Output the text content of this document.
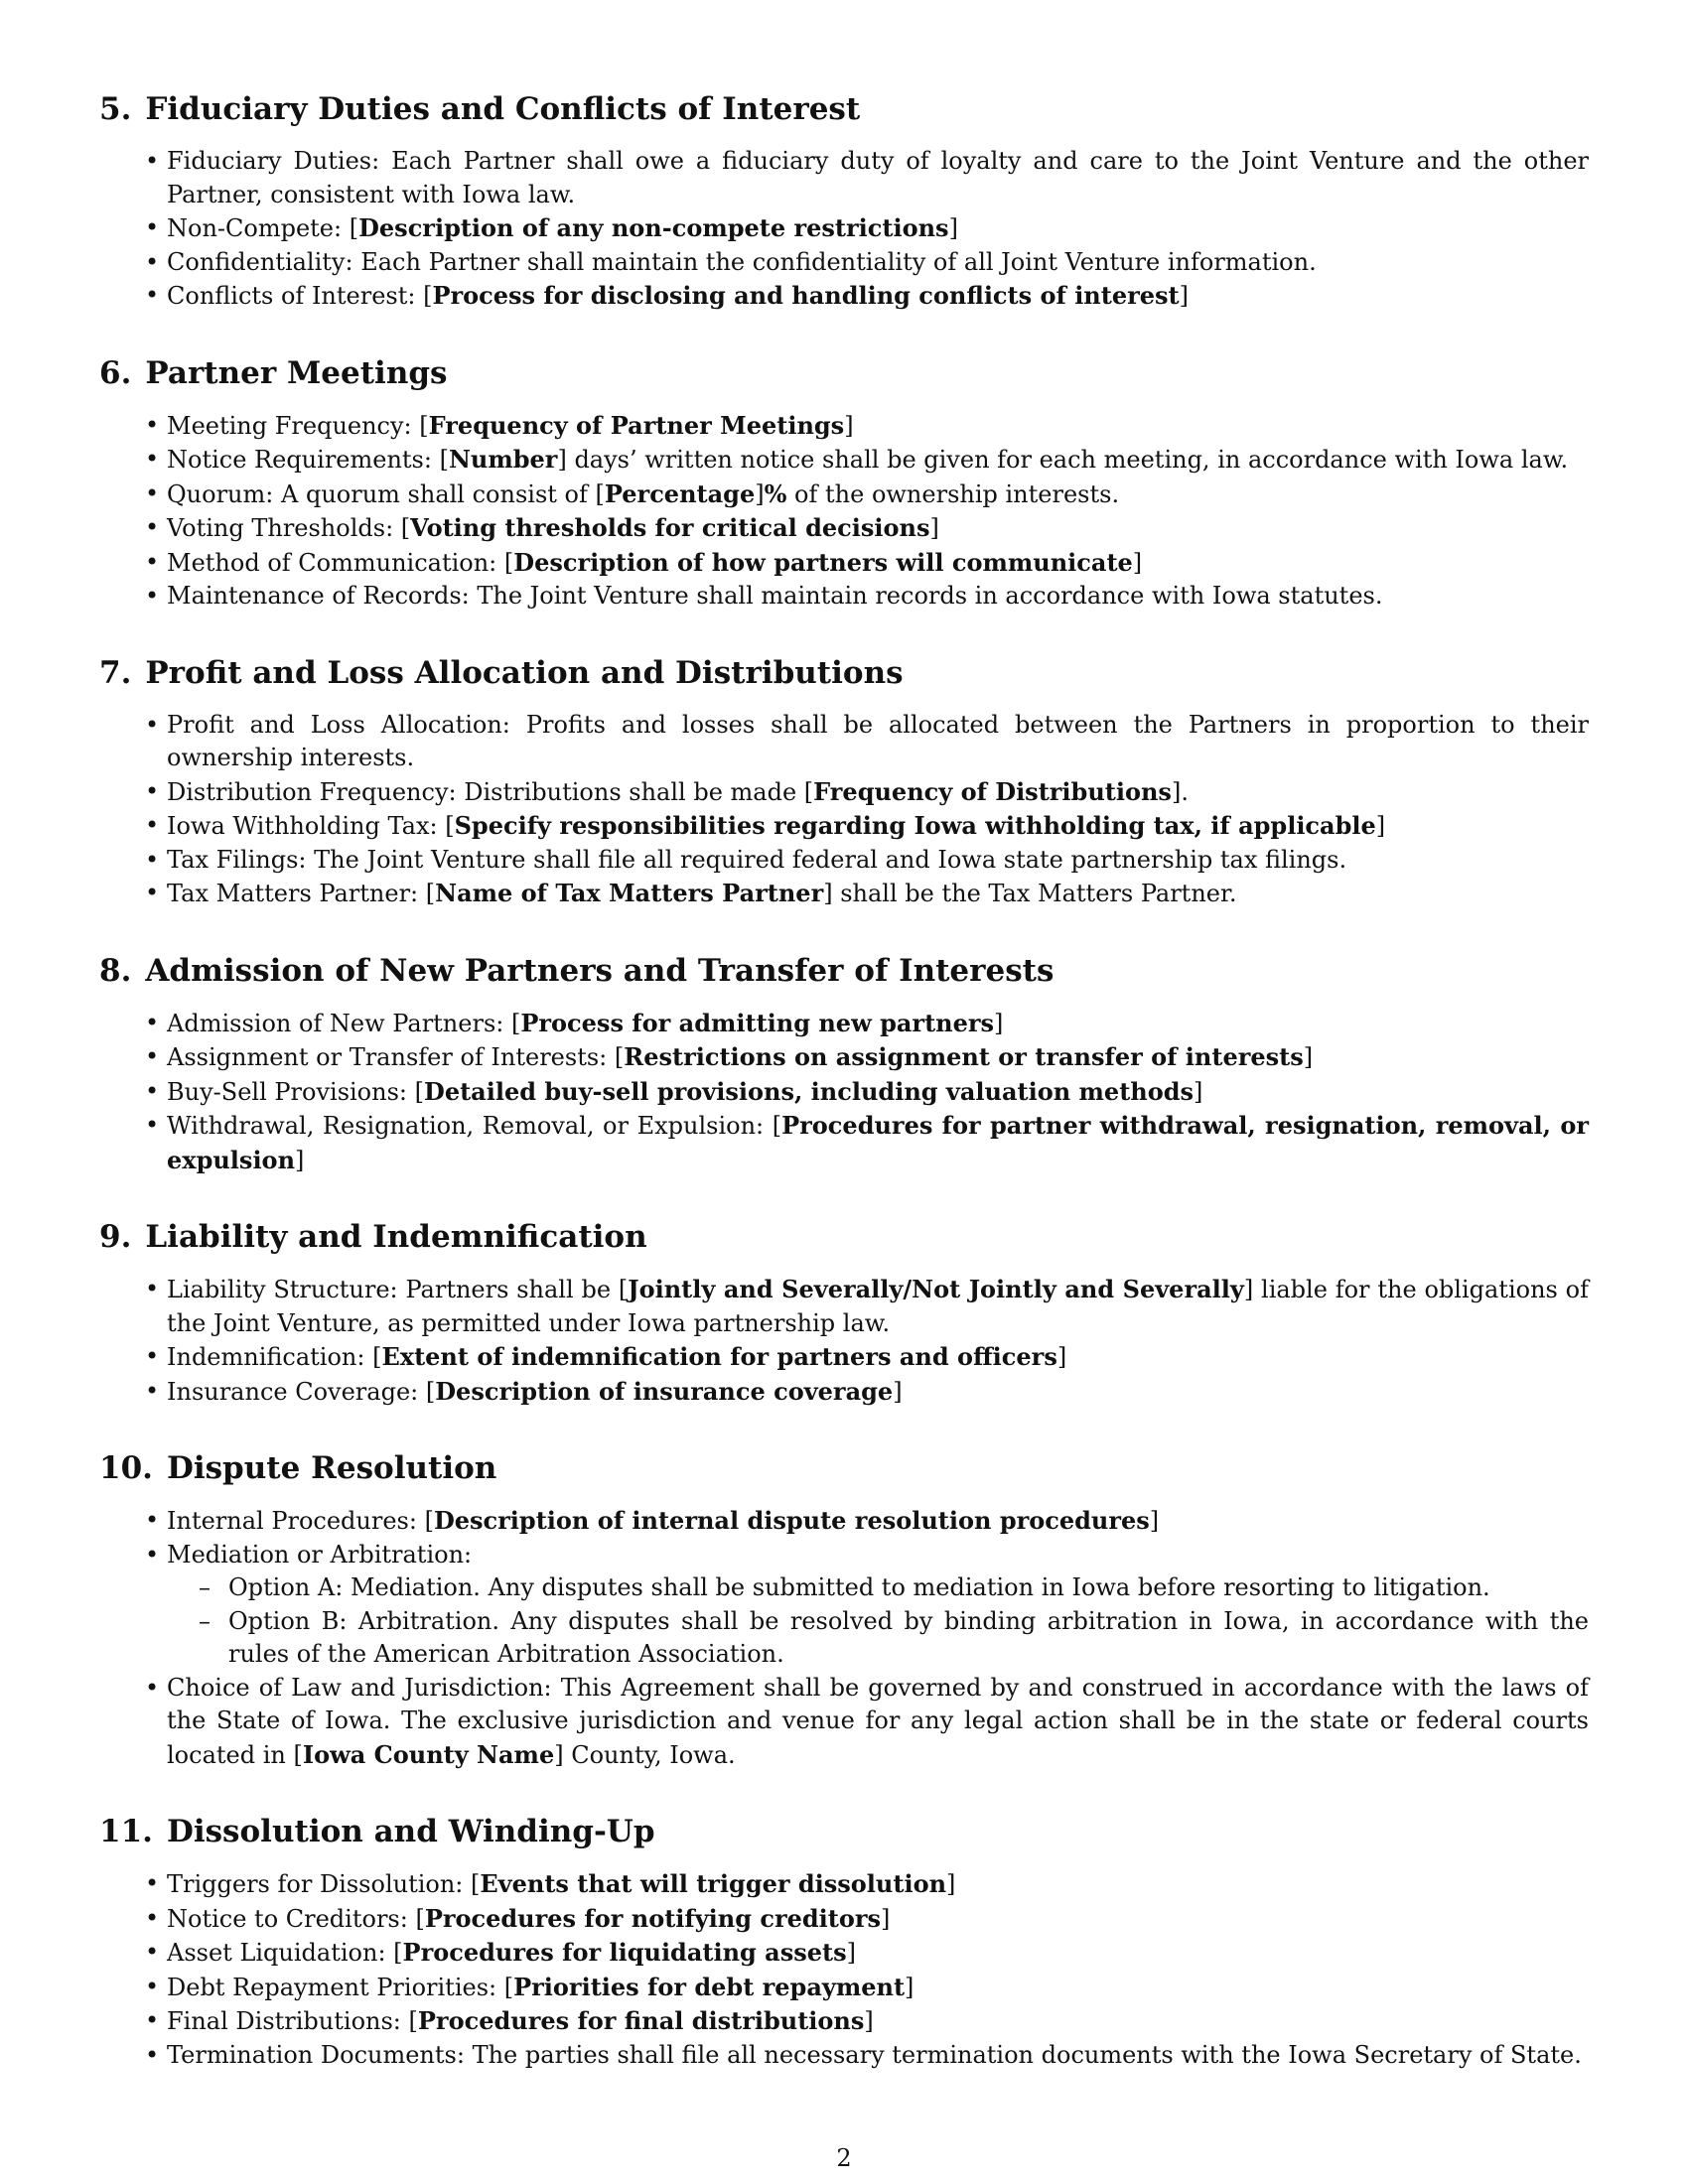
5. Fiduciary Duties and Conflicts of Interest
• Fiduciary Duties: Each Partner shall owe a fiduciary duty of loyalty and care to the Joint Venture and the other Partner, consistent with Iowa law.
• Non-Compete: [Description of any non-compete restrictions]
• Confidentiality: Each Partner shall maintain the confidentiality of all Joint Venture information.
• Conflicts of Interest: [Process for disclosing and handling conflicts of interest]
6. Partner Meetings
• Meeting Frequency: [Frequency of Partner Meetings]
• Notice Requirements: [Number] days’ written notice shall be given for each meeting, in accordance with Iowa law.
• Quorum: A quorum shall consist of [Percentage]% of the ownership interests.
• Voting Thresholds: [Voting thresholds for critical decisions]
• Method of Communication: [Description of how partners will communicate]
• Maintenance of Records: The Joint Venture shall maintain records in accordance with Iowa statutes.
7. Profit and Loss Allocation and Distributions
• Profit and Loss Allocation: Profits and losses shall be allocated between the Partners in proportion to their ownership interests.
• Distribution Frequency: Distributions shall be made [Frequency of Distributions].
• Iowa Withholding Tax: [Specify responsibilities regarding Iowa withholding tax, if applicable]
• Tax Filings: The Joint Venture shall file all required federal and Iowa state partnership tax filings.
• Tax Matters Partner: [Name of Tax Matters Partner] shall be the Tax Matters Partner.
8. Admission of New Partners and Transfer of Interests
• Admission of New Partners: [Process for admitting new partners]
• Assignment or Transfer of Interests: [Restrictions on assignment or transfer of interests]
• Buy-Sell Provisions: [Detailed buy-sell provisions, including valuation methods]
• Withdrawal, Resignation, Removal, or Expulsion: [Procedures for partner withdrawal, resignation, removal, or expulsion]
9. Liability and Indemnification
• Liability Structure: Partners shall be [Jointly and Severally/Not Jointly and Severally] liable for the obligations of the Joint Venture, as permitted under Iowa partnership law.
• Indemnification: [Extent of indemnification for partners and officers]
• Insurance Coverage: [Description of insurance coverage]
10. Dispute Resolution
• Internal Procedures: [Description of internal dispute resolution procedures]
• Mediation or Arbitration:
– Option A: Mediation. Any disputes shall be submitted to mediation in Iowa before resorting to litigation.
– Option B: Arbitration. Any disputes shall be resolved by binding arbitration in Iowa, in accordance with the rules of the American Arbitration Association.
• Choice of Law and Jurisdiction: This Agreement shall be governed by and construed in accordance with the laws of the State of Iowa. The exclusive jurisdiction and venue for any legal action shall be in the state or federal courts located in [Iowa County Name] County, Iowa.
11. Dissolution and Winding-Up
• Triggers for Dissolution: [Events that will trigger dissolution]
• Notice to Creditors: [Procedures for notifying creditors]
• Asset Liquidation: [Procedures for liquidating assets]
• Debt Repayment Priorities: [Priorities for debt repayment]
• Final Distributions: [Procedures for final distributions]
• Termination Documents: The parties shall file all necessary termination documents with the Iowa Secretary of State.
2
